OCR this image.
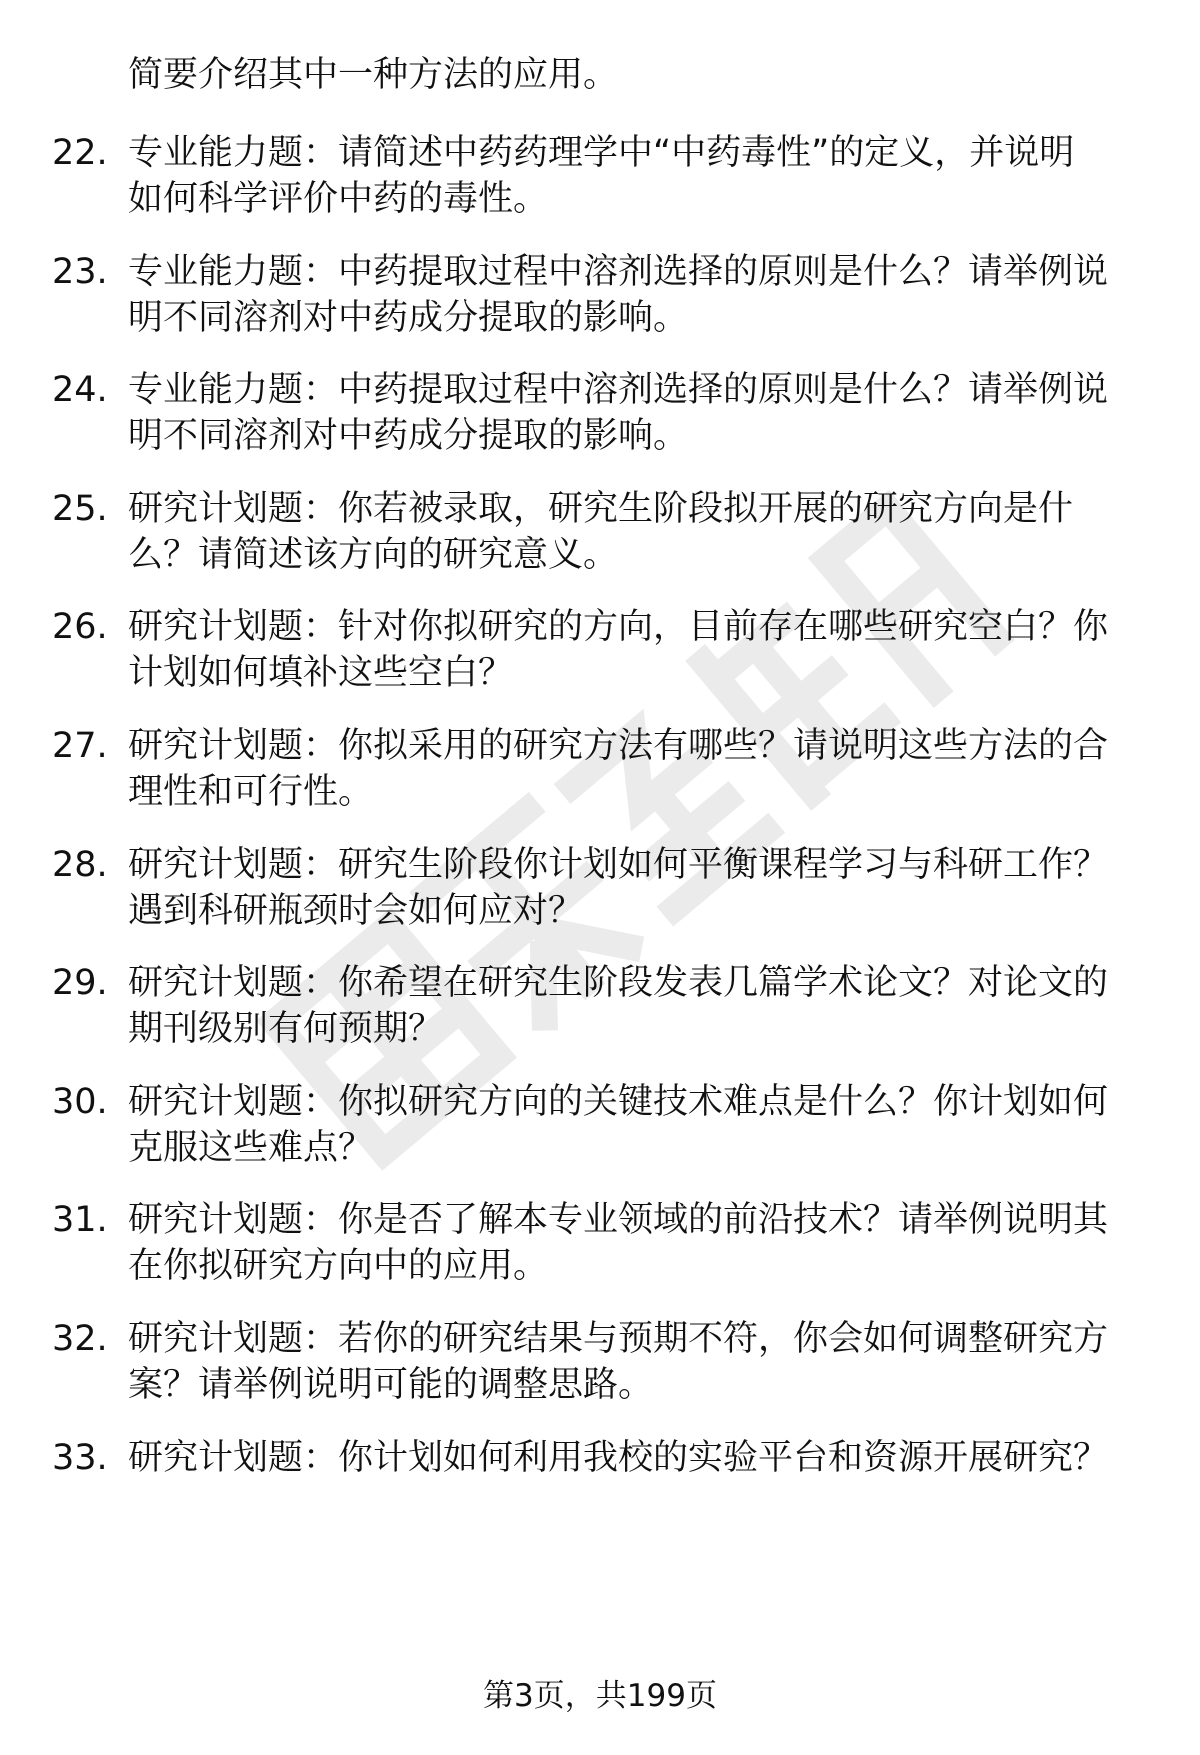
简要介绍其中一种方法的应用。
22. 专业能力题：请简述中药药理学中“中药毒性”的定义，并说明
如何科学评价中药的毒性。
23. 专业能力题：中药提取过程中溶剂选择的原则是什么？请举例说
明不同溶剂对中药成分提取的影响。
24. 专业能力题：中药提取过程中溶剂选择的原则是什么？请举例说
明不同溶剂对中药成分提取的影响。
25. 研究计划题：你若被录取，研究生阶段拟开展的研究方向是什
么？请简述该方向的研究意义。
26. 研究计划题：针对你拟研究的方向，目前存在哪些研究空白？你
计划如何填补这些空白？
27. 研究计划题：你拟采用的研究方法有哪些？请说明这些方法的合
理性和可行性。
28. 研究计划题：研究生阶段你计划如何平衡课程学习与科研工作？
遇到科研瓶颈时会如何应对？
29. 研究计划题：你希望在研究生阶段发表几篇学术论文？对论文的
期刊级别有何预期？
30. 研究计划题：你拟研究方向的关键技术难点是什么？你计划如何
克服这些难点？
31. 研究计划题：你是否了解本专业领域的前沿技术？请举例说明其
在你拟研究方向中的应用。
32. 研究计划题：若你的研究结果与预期不符，你会如何调整研究方
案？请举例说明可能的调整思路。
33. 研究计划题：你计划如何利用我校的实验平台和资源开展研究？
第3页，共199页
